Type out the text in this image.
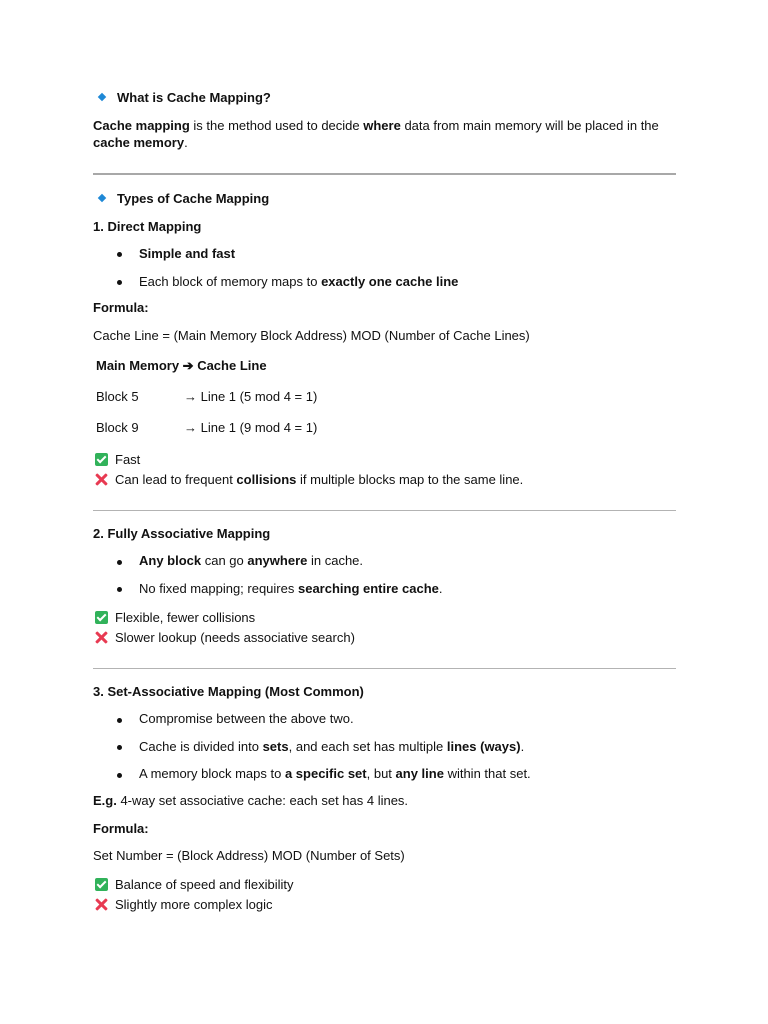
What is Cache Mapping?
Cache mapping is the method used to decide where data from main memory will be placed in the
cache memory.
Types of Cache Mapping
1. Direct Mapping
Simple and fast
Each block of memory maps to exactly one cache line
Formula:
Cache Line = (Main Memory Block Address) MOD (Number of Cache Lines)
Main Memory ➔ Cache Line
Block 5	→ Line 1 (5 mod 4 = 1)
Block 9	→ Line 1 (9 mod 4 = 1)
Fast
Can lead to frequent collisions if multiple blocks map to the same line.
2. Fully Associative Mapping
Any block can go anywhere in cache.
No fixed mapping; requires searching entire cache.
Flexible, fewer collisions
Slower lookup (needs associative search)
3. Set-Associative Mapping (Most Common)
Compromise between the above two.
Cache is divided into sets, and each set has multiple lines (ways).
A memory block maps to a specific set, but any line within that set.
E.g. 4-way set associative cache: each set has 4 lines.
Formula:
Set Number = (Block Address) MOD (Number of Sets)
Balance of speed and flexibility
Slightly more complex logic
